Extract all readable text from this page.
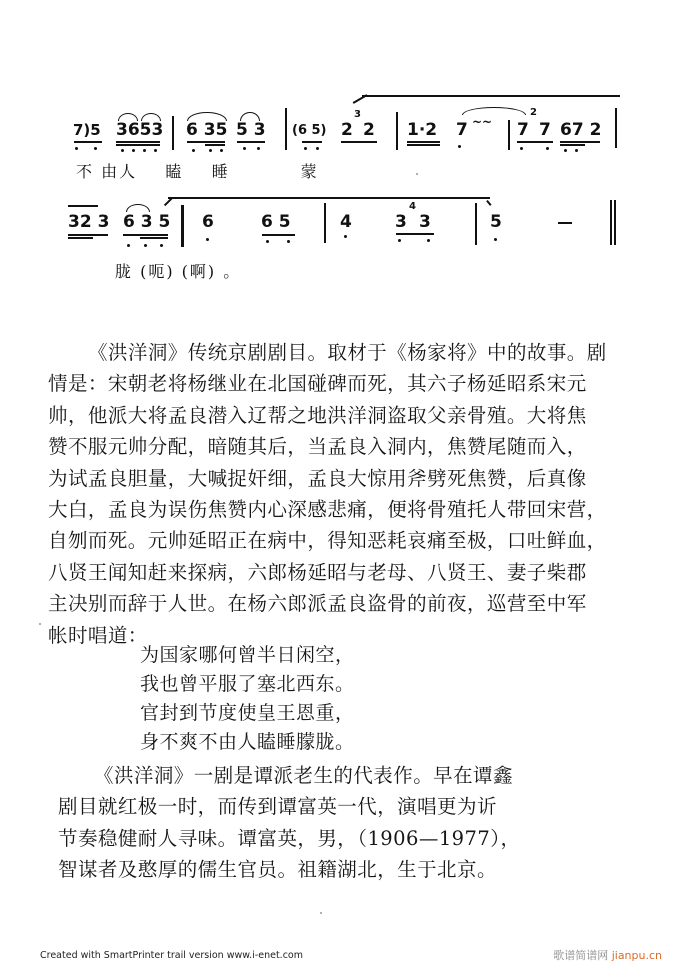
7)5 3653 6 35 5 3 (6 5) 2
3
2 1·2 7 ~~ 7
2
7 67 2
不 由人    瞌    睡          蒙
32 3 6 3 5 6	6 5	4	3
4
3	5
胧 (呃) (啊) 。
《洪洋洞》传统京剧剧目。取材于《杨家将》中的故事。剧
情是：宋朝老将杨继业在北国碰碑而死，其六子杨延昭系宋元
帅，他派大将孟良潜入辽帮之地洪洋洞盗取父亲骨殖。大将焦
赞不服元帅分配，暗随其后，当孟良入洞内，焦赞尾随而入，
为试孟良胆量，大喊捉奸细，孟良大惊用斧劈死焦赞，后真像
大白，孟良为误伤焦赞内心深感悲痛，便将骨殖托人带回宋营，
自刎而死。元帅延昭正在病中，得知恶耗哀痛至极，口吐鲜血，
八贤王闻知赶来探病，六郎杨延昭与老母、八贤王、妻子柴郡
主决别而辞于人世。在杨六郎派孟良盗骨的前夜，巡营至中军
帐时唱道：
为国家哪何曾半日闲空，
我也曾平服了塞北西东。
官封到节度使皇王恩重，
身不爽不由人瞌睡朦胧。
《洪洋洞》一剧是谭派老生的代表作。早在谭鑫
剧目就红极一时，而传到谭富英一代，演唱更为䜣
节奏稳健耐人寻味。谭富英，男，（1906—1977），
智谋者及憨厚的儒生官员。祖籍湖北，生于北京。
Created with SmartPrinter trail version www.i-enet.com	歌谱简谱网 jianpu.cn
